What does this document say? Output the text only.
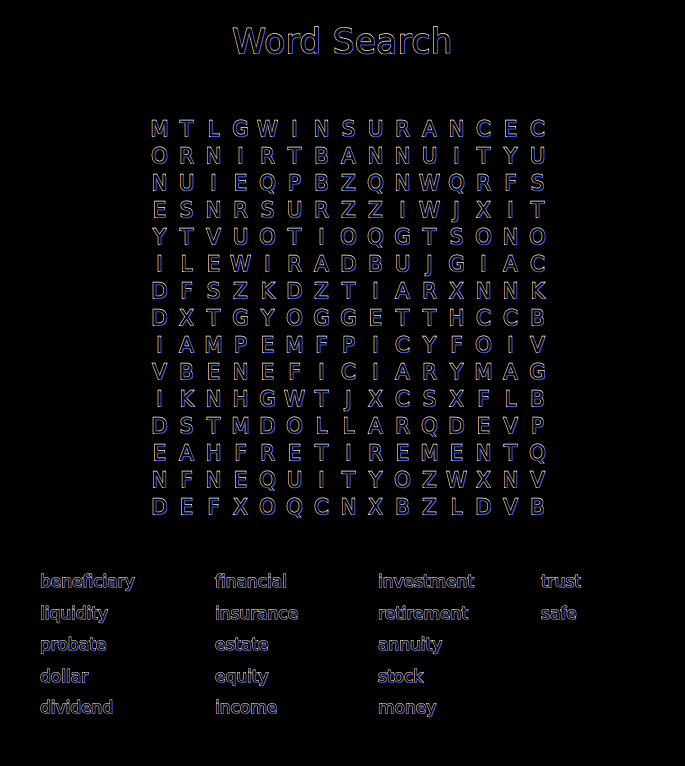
Word Search
M T L G W I N S U R A N C E C
O R N I R T B A N N U I T Y U
N U I E Q P B Z Q N W Q R F S
E S N R S U R Z Z I W J X I T
Y T V U O T I O Q G T S O N O
I L E W I R A D B U J G I A C
D F S Z K D Z T I A R X N N K
D X T G Y O G G E T T H C C B
I A M P E M F P I C Y F O I V
V B E N E F I C I A R Y M A G
I K N H G W T J X C S X F L B
D S T M D O L L A R Q D E V P
E A H F R E T I R E M E N T Q
N F N E Q U I T Y O Z W X N V
D E F X O Q C N X B Z L D V B
beneficiary
liquidity
probate
dollar
dividend
financial
insurance
estate
equity
income
investment
retirement
annuity
stock
money
trust
safe
